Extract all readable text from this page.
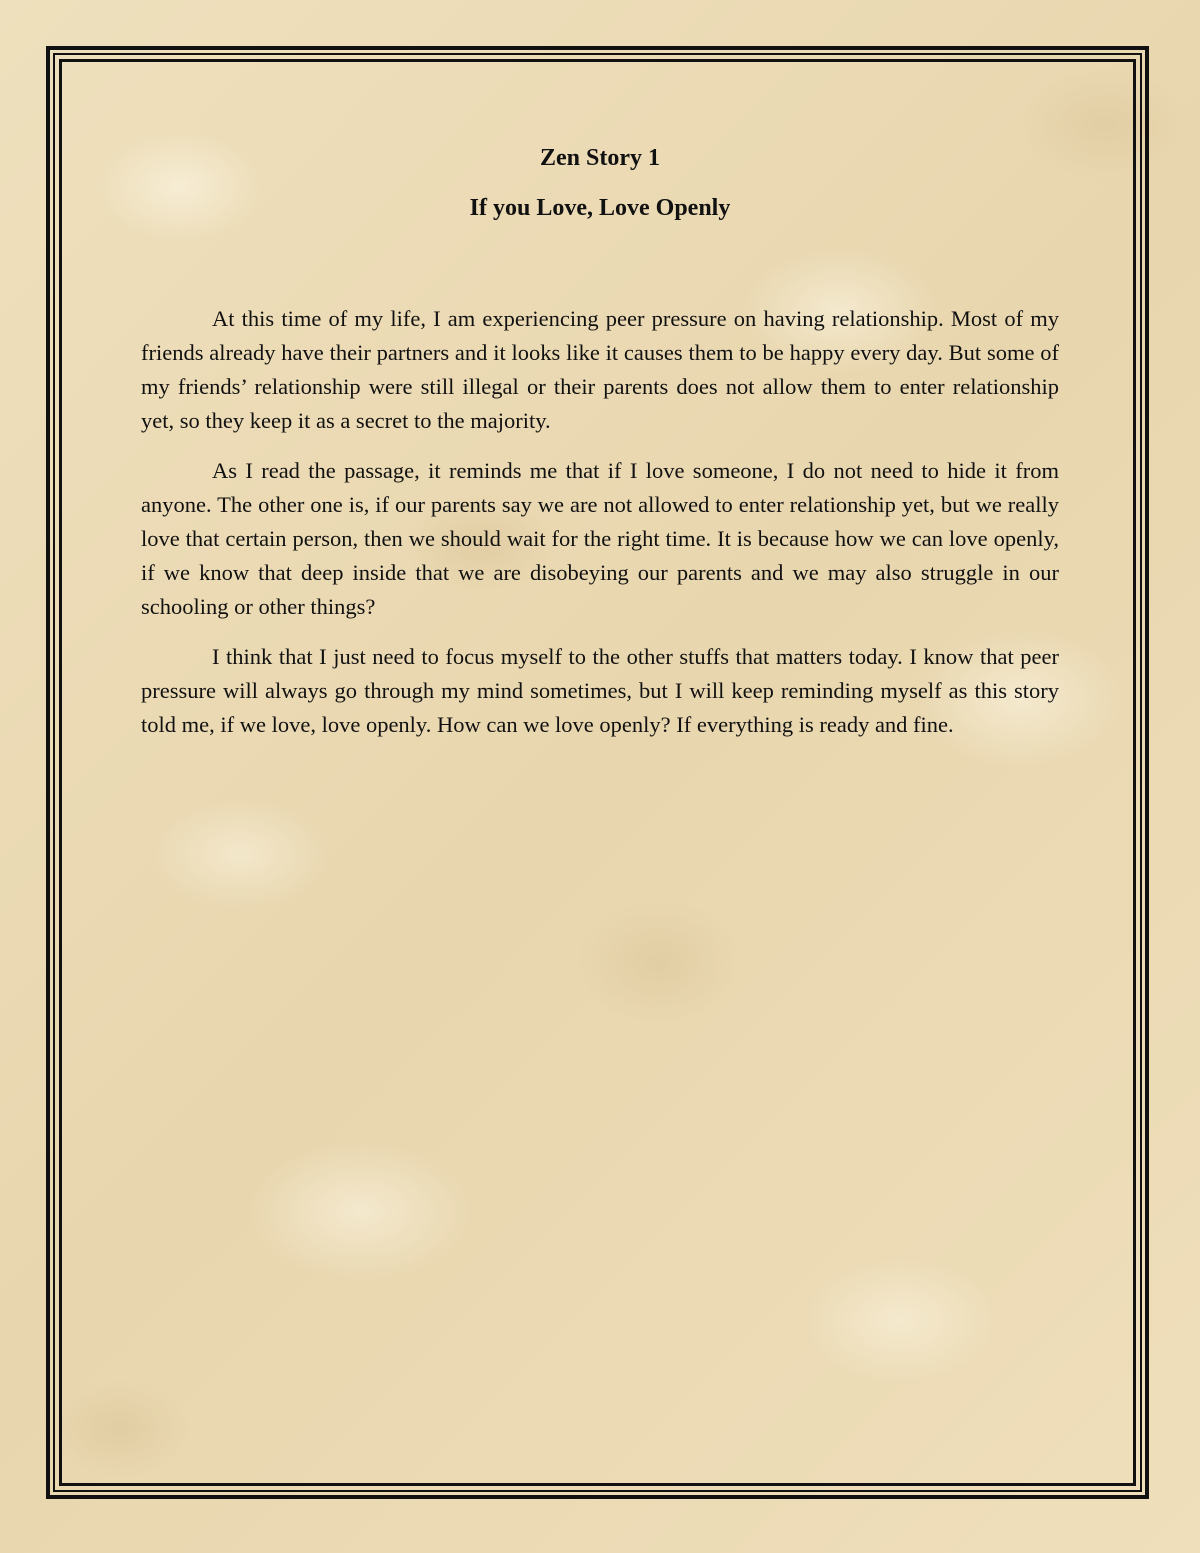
Zen Story 1
If you Love, Love Openly

At this time of my life, I am experiencing peer pressure on having relationship. Most of my friends already have their partners and it looks like it causes them to be happy every day. But some of my friends’ relationship were still illegal or their parents does not allow them to enter relationship yet, so they keep it as a secret to the majority.

As I read the passage, it reminds me that if I love someone, I do not need to hide it from anyone. The other one is, if our parents say we are not allowed to enter relationship yet, but we really love that certain person, then we should wait for the right time. It is because how we can love openly, if we know that deep inside that we are disobeying our parents and we may also struggle in our schooling or other things?

I think that I just need to focus myself to the other stuffs that matters today. I know that peer pressure will always go through my mind sometimes, but I will keep reminding myself as this story told me, if we love, love openly. How can we love openly? If everything is ready and fine.
